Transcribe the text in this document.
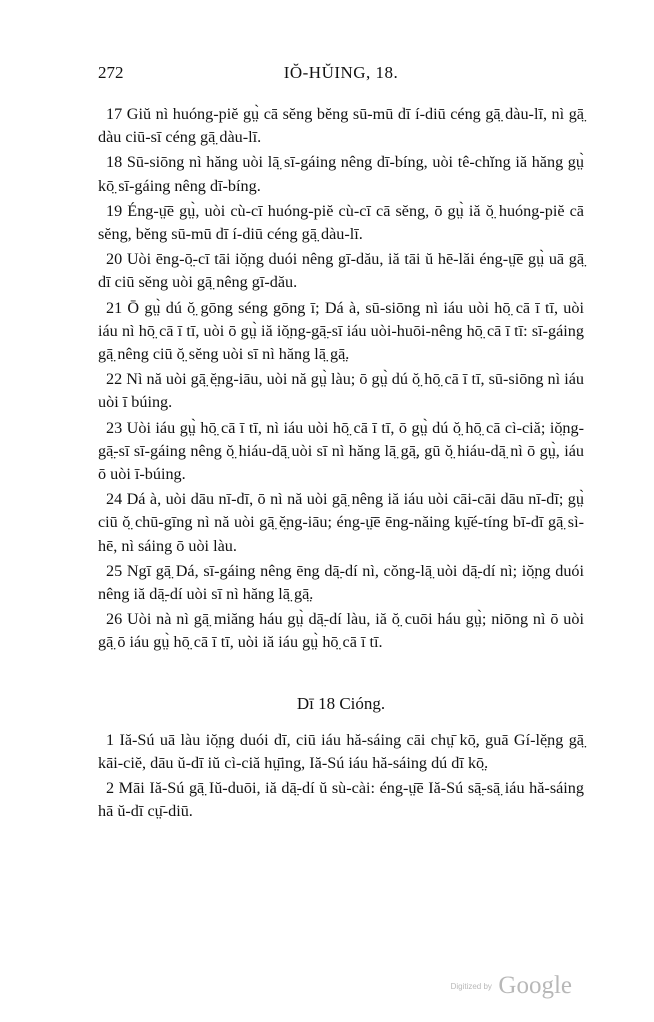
272	IŎ-HŬING, 18.

17 Giŭ nì huóng-piĕ gṳ̀ cā sĕng bĕng sū-mū dī í-diū céng gā̤ dàu-lī, nì gā̤ dàu ciū-sī céng gā̤ dàu-lī.

18 Sū-siōng nì hăng uòi lā̤ sī-gáing nêng dī-bíng, uòi tê-chĭng iă hăng gṳ̀ kō̤ sī-gáing nêng dī-bíng.

19 Éng-ṳ̄ē gṳ̀, uòi cù-cī huóng-piĕ cù-cī cā sĕng, ō gṳ̀ iă ŏ̤ huóng-piĕ cā sĕng, bĕng sū-mū dī í-diū céng gā̤ dàu-lī.

20 Uòi ēng-ō̤-cī tāi iŏ̤ng duói nêng gī-dău, iă tāi ŭ hē-lăi éng-ṳ̄ē gṳ̀ uā gā̤ dī ciū sĕng uòi gā̤ nêng gī-dău.

21 Ō gṳ̀ dú ŏ̤ gōng séng gōng ī; Dá à, sū-siōng nì iáu uòi hō̤ cā ī tī, uòi iáu nì hō̤ cā ī tī, uòi ō gṳ̀ iă iŏ̤ng-gā̤-sī iáu uòi-huōi-nêng hō̤ cā ī tī: sī-gáing gā̤ nêng ciū ŏ̤ sĕng uòi sī nì hăng lā̤ gā̤.

22 Nì nă uòi gā̤ ĕ̤ng-iāu, uòi nă gṳ̀ làu; ō gṳ̀ dú ŏ̤ hō̤ cā ī tī, sū-siōng nì iáu uòi ī búing.

23 Uòi iáu gṳ̀ hō̤ cā ī tī, nì iáu uòi hō̤ cā ī tī, ō gṳ̀ dú ŏ̤ hō̤ cā cì-ciă; iŏ̤ng-gā̤-sī sī-gáing nêng ŏ̤ hiáu-dā̤ uòi sī nì hăng lā̤ gā̤, gū ŏ̤ hiáu-dā̤ nì ō gṳ̀, iáu ō uòi ī-búing.

24 Dá à, uòi dāu nī-dī, ō nì nă uòi gā̤ nêng iă iáu uòi cāi-cāi dāu nī-dī; gṳ̀ ciū ŏ̤ chū-gīng nì nă uòi gā̤ ĕ̤ng-iāu; éng-ṳ̄ē ēng-năing kṳ̄é-tíng bī-dī gā̤ sì-hē, nì sáing ō uòi làu.

25 Ngī gā̤ Dá, sī-gáing nêng ēng dā̤-dí nì, cŏng-lā̤ uòi dā̤-dí nì; iŏ̤ng duói nêng iă dā̤-dí uòi sī nì hăng lā̤ gā̤.

26 Uòi nà nì gā̤ miăng háu gṳ̀ dā̤-dí làu, iă ŏ̤ cuōi háu gṳ̀; niōng nì ō uòi gā̤ ō iáu gṳ̀ hō̤ cā ī tī, uòi iă iáu gṳ̀ hō̤ cā ī tī.

Dī 18 Cióng.

1 Iă-Sú uā làu iŏ̤ng duói dī, ciū iáu hă-sáing cāi chṳ̄ kō̤, guā Gí-lĕ̤ng gā̤ kāi-ciĕ, dāu ŭ-dī iŭ cì-ciă hṳ̄ing, Iă-Sú iáu hă-sáing dú dī kō̤.

2 Māi Iă-Sú gā̤ Iŭ-duōi, iă dā̤-dí ŭ sù-cài: éng-ṳ̄ē Iă-Sú sā̤-sā̤ iáu hă-sáing hā ŭ-dī cṳ̄-diū.

Digitized by Google
